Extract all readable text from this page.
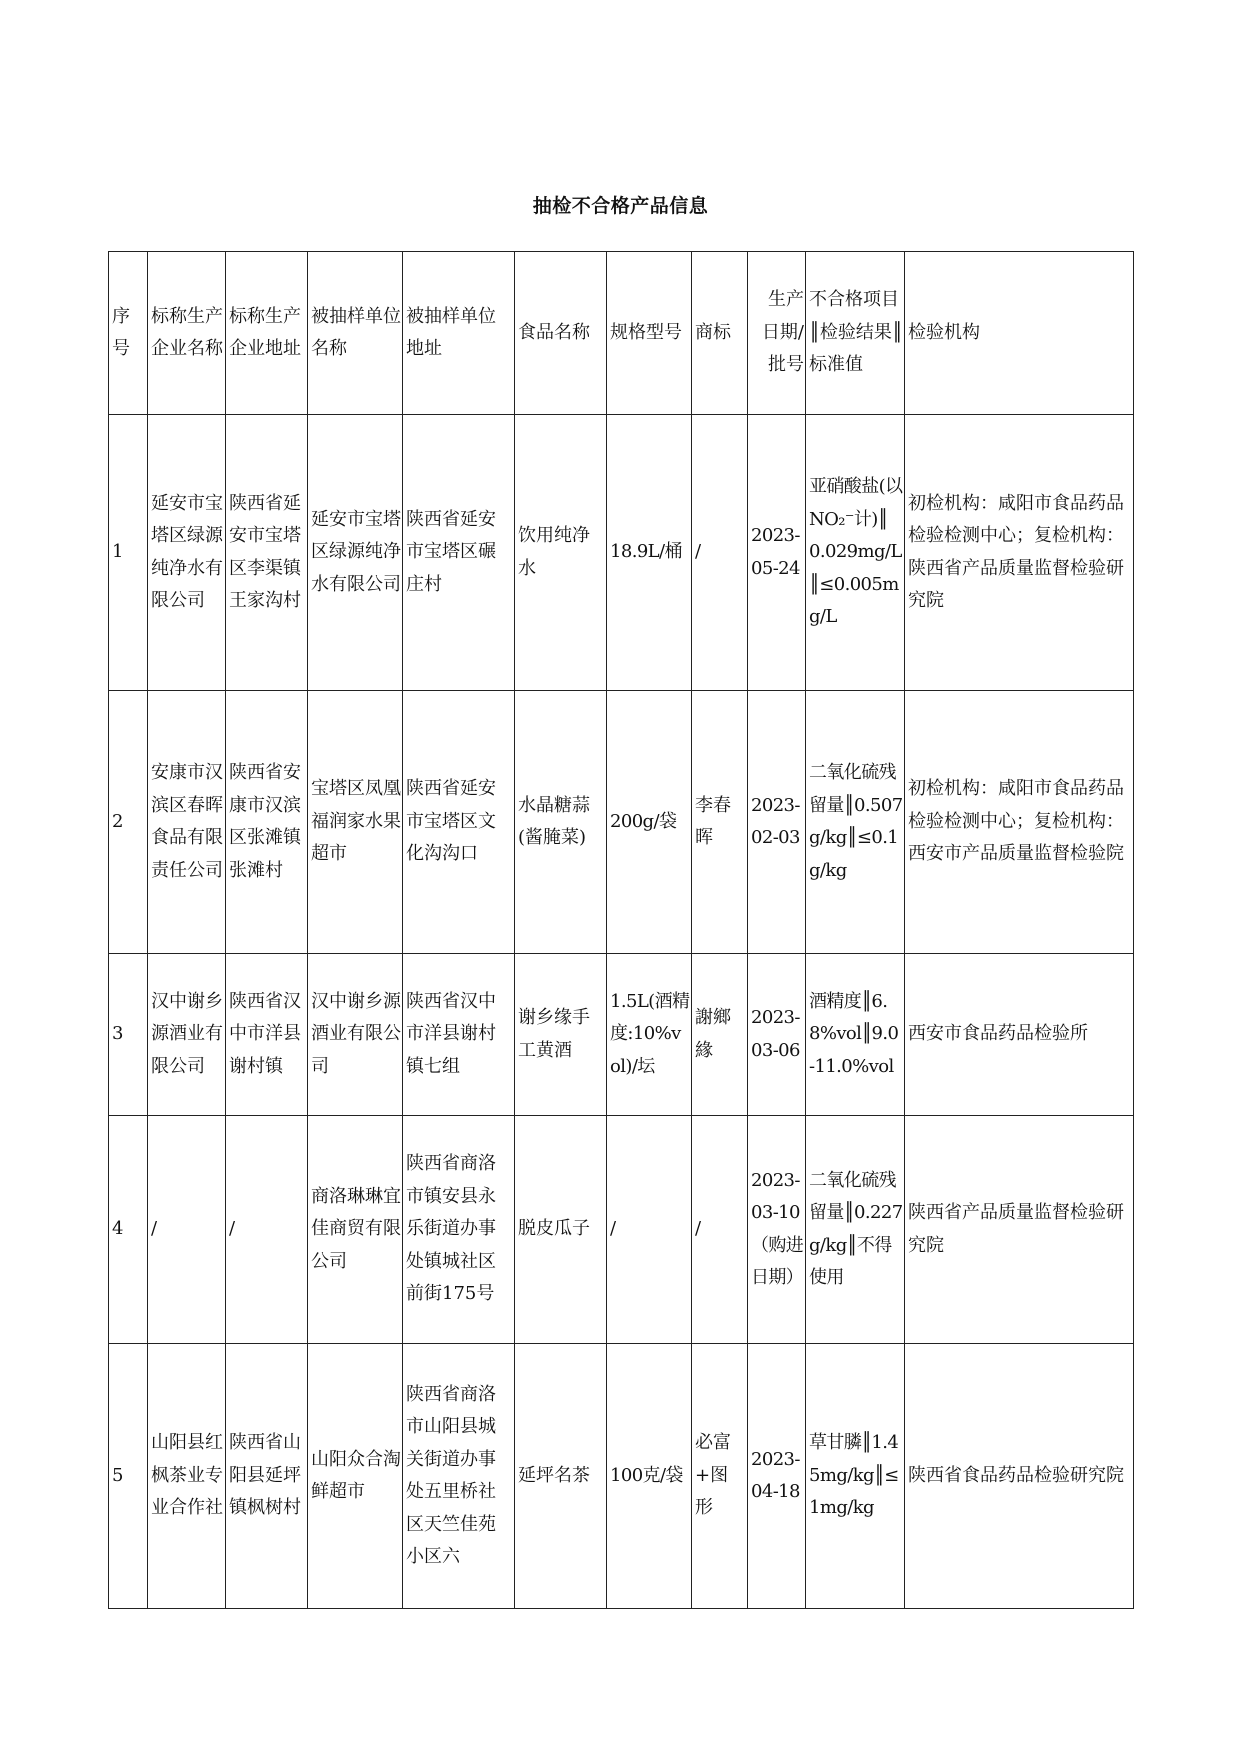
抽检不合格产品信息
序号	标称生产企业名称	标称生产企业地址	被抽样单位名称	被抽样单位地址	食品名称	规格型号	商标	生产日期/批号	不合格项目║检验结果║标准值	检验机构
1	延安市宝塔区绿源纯净水有限公司	陕西省延安市宝塔区李渠镇王家沟村	延安市宝塔区绿源纯净水有限公司	陕西省延安市宝塔区碾庄村	饮用纯净水	18.9L/桶	/	2023-05-24	亚硝酸盐(以NO₂⁻计)║0.029mg/L║≤0.005mg/L	初检机构：咸阳市食品药品检验检测中心；复检机构：陕西省产品质量监督检验研究院
2	安康市汉滨区春晖食品有限责任公司	陕西省安康市汉滨区张滩镇张滩村	宝塔区凤凰福润家水果超市	陕西省延安市宝塔区文化沟沟口	水晶糖蒜(酱腌菜)	200g/袋	李春晖	2023-02-03	二氧化硫残留量║0.507g/kg║≤0.1g/kg	初检机构：咸阳市食品药品检验检测中心；复检机构：西安市产品质量监督检验院
3	汉中谢乡源酒业有限公司	陕西省汉中市洋县谢村镇	汉中谢乡源酒业有限公司	陕西省汉中市洋县谢村镇七组	谢乡缘手工黄酒	1.5L(酒精度:10%vol)/坛	謝鄉緣	2023-03-06	酒精度║6.8%vol║9.0-11.0%vol	西安市食品药品检验所
4	/	/	商洛琳琳宜佳商贸有限公司	陕西省商洛市镇安县永乐街道办事处镇城社区前街175号	脱皮瓜子	/	/	2023-03-10（购进日期）	二氧化硫残留量║0.227g/kg║不得使用	陕西省产品质量监督检验研究院
5	山阳县红枫茶业专业合作社	陕西省山阳县延坪镇枫树村	山阳众合淘鲜超市	陕西省商洛市山阳县城关街道办事处五里桥社区天竺佳苑小区六	延坪名茶	100克/袋	必富+图形	2023-04-18	草甘膦║1.45mg/kg║≤1mg/kg	陕西省食品药品检验研究院
